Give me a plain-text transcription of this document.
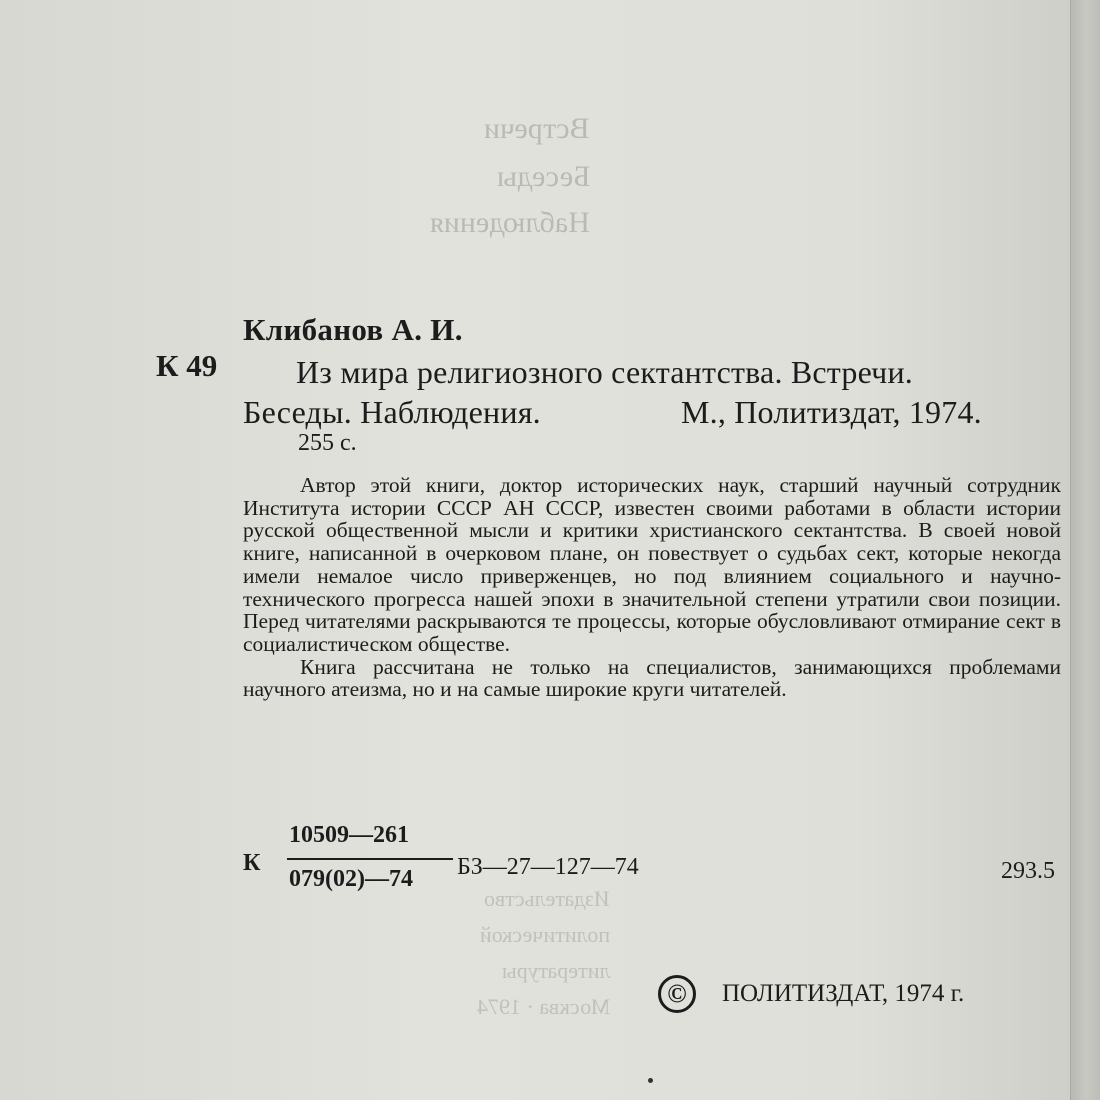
Встречи
Беседы
Наблюдения
Издательство
политической
литературы
Москва · 1974
Клибанов А. И.
К 49 Из мира религиозного сектантства. Встречи.
Беседы. Наблюдения.	М., Политиздат, 1974.
255 с.

Автор этой книги, доктор исторических наук, старший научный сотрудник Института истории СССР АН СССР, известен своими работами в области истории русской общественной мысли и критики христианского сектантства. В своей новой книге, написанной в очерковом плане, он повествует о судьбах сект, которые некогда имели немалое число приверженцев, но под влиянием социального и научно-технического прогресса нашей эпохи в значительной степени утратили свои позиции. Перед читателями раскрываются те процессы, которые обусловливают отмирание сект в социалистическом обществе.

Книга рассчитана не только на специалистов, занимающихся проблемами научного атеизма, но и на самые широкие круги читателей.

К
10509—261
079(02)—74 БЗ—27—127—74	293.5
©	ПОЛИТИЗДАТ, 1974 г.
